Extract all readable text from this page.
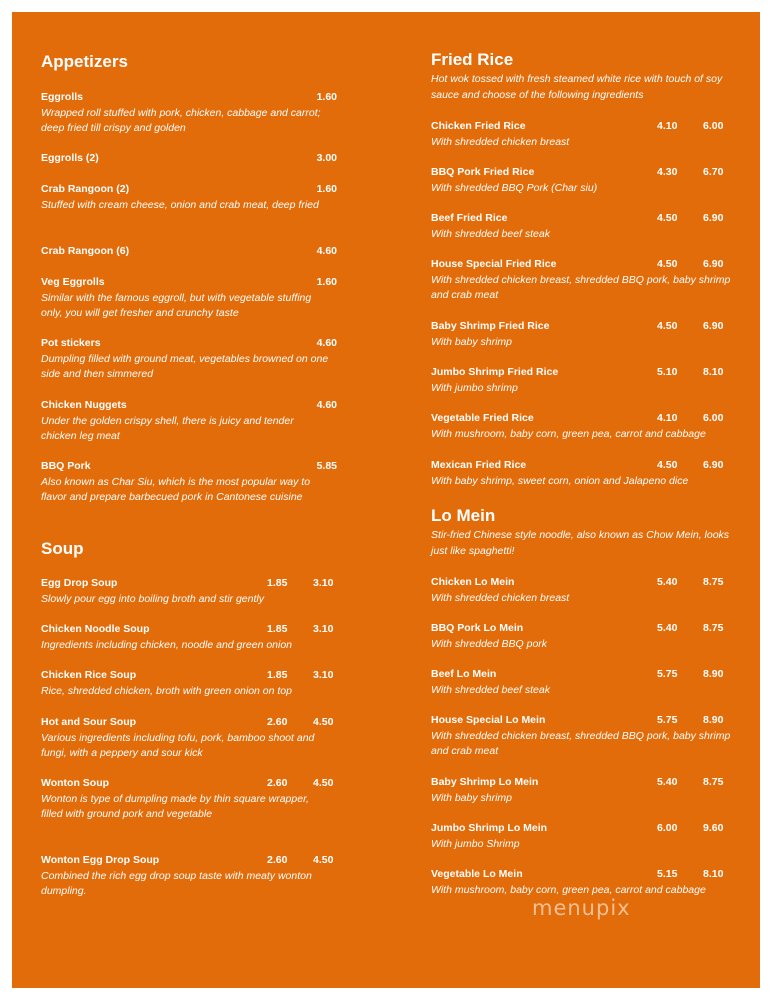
Appetizers
Eggrolls	1.60
Wrapped roll stuffed with pork, chicken, cabbage and carrot; deep fried till crispy and golden
Eggrolls (2)	3.00
Crab Rangoon (2)	1.60
Stuffed with cream cheese, onion and crab meat, deep fried
Crab Rangoon (6)	4.60
Veg Eggrolls	1.60
Similar with the famous eggroll, but with vegetable stuffing only, you will get fresher and crunchy taste
Pot stickers	4.60
Dumpling filled with ground meat, vegetables browned on one side and then simmered
Chicken Nuggets	4.60
Under the golden crispy shell, there is juicy and tender chicken leg meat
BBQ Pork	5.85
Also known as Char Siu, which is the most popular way to flavor and prepare barbecued pork in Cantonese cuisine
Soup
Egg Drop Soup	1.85 3.10
Slowly pour egg into boiling broth and stir gently
Chicken Noodle Soup	1.85 3.10
Ingredients including chicken, noodle and green onion
Chicken Rice Soup	1.85 3.10
Rice, shredded chicken, broth with green onion on top
Hot and Sour Soup	2.60 4.50
Various ingredients including tofu, pork, bamboo shoot and fungi, with a peppery and sour kick
Wonton Soup	2.60 4.50
Wonton is type of dumpling made by thin square wrapper, filled with ground pork and vegetable
Wonton Egg Drop Soup	2.60 4.50
Combined the rich egg drop soup taste with meaty wonton dumpling.
Fried Rice
Hot wok tossed with fresh steamed white rice with touch of soy sauce and choose of the following ingredients
Chicken Fried Rice	4.10 6.00
With shredded chicken breast
BBQ Pork Fried Rice	4.30 6.70
With shredded BBQ Pork (Char siu)
Beef Fried Rice	4.50 6.90
With shredded beef steak
House Special Fried Rice	4.50 6.90
With shredded chicken breast, shredded BBQ pork, baby shrimp and crab meat
Baby Shrimp Fried Rice	4.50 6.90
With baby shrimp
Jumbo Shrimp Fried Rice	5.10 8.10
With jumbo shrimp
Vegetable Fried Rice	4.10 6.00
With mushroom, baby corn, green pea, carrot and cabbage
Mexican Fried Rice	4.50 6.90
With baby shrimp, sweet corn, onion and Jalapeno dice
Lo Mein
Stir-fried Chinese style noodle, also known as Chow Mein, looks just like spaghetti!
Chicken Lo Mein	5.40 8.75
With shredded chicken breast
BBQ Pork Lo Mein	5.40 8.75
With shredded BBQ pork
Beef Lo Mein	5.75 8.90
With shredded beef steak
House Special Lo Mein	5.75 8.90
With shredded chicken breast, shredded BBQ pork, baby shrimp and crab meat
Baby Shrimp Lo Mein	5.40 8.75
With baby shrimp
Jumbo Shrimp Lo Mein	6.00 9.60
With jumbo Shrimp
Vegetable Lo Mein	5.15 8.10
With mushroom, baby corn, green pea, carrot and cabbage
menupix
